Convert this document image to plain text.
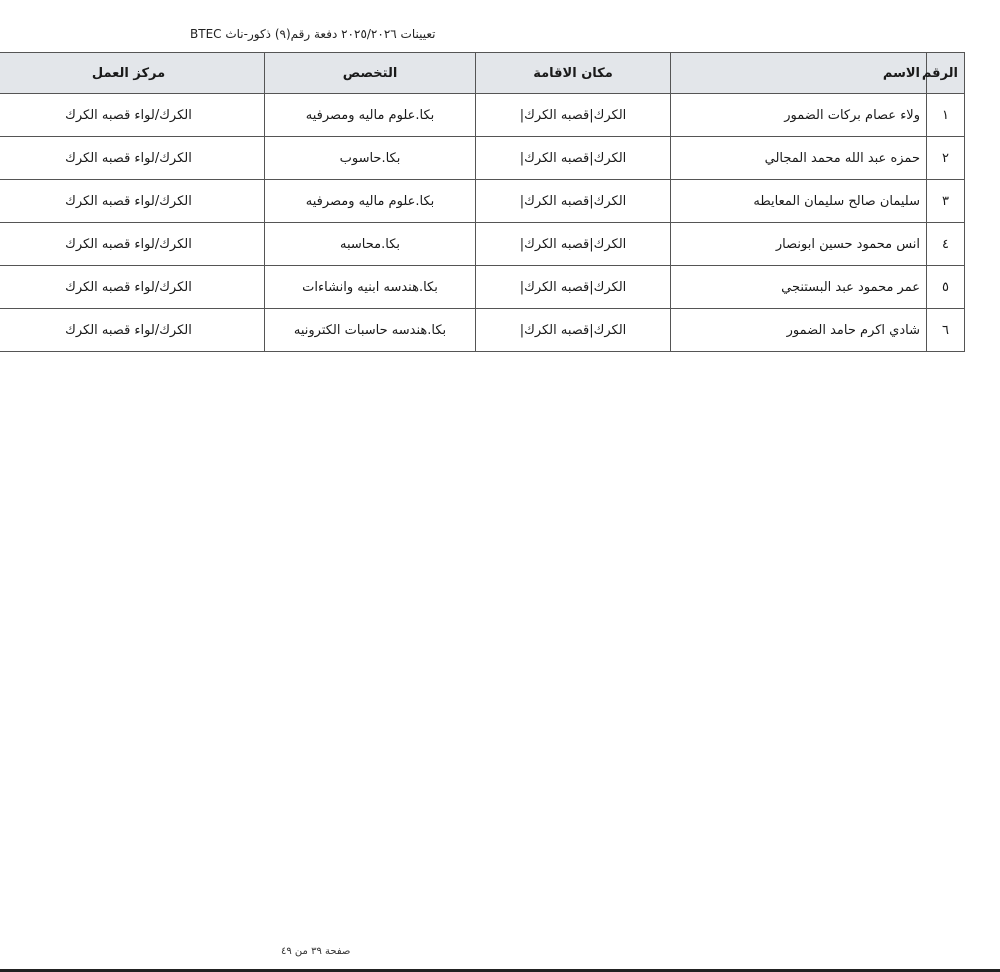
تعيينات ٢٠٢٥/٢٠٢٦ دفعة رقم(٩) ذكور-ناث BTEC
الرقم	الاسم	مكان الاقامة	التخصص	مركز العمل
١	ولاء عصام بركات الضمور	الكرك|قصبه الكرك|	بكا.علوم ماليه ومصرفيه	الكرك/لواء قصبه الكرك
٢	حمزه عبد الله محمد المجالي	الكرك|قصبه الكرك|	بكا.حاسوب	الكرك/لواء قصبه الكرك
٣	سليمان صالح سليمان المعايطه	الكرك|قصبه الكرك|	بكا.علوم ماليه ومصرفيه	الكرك/لواء قصبه الكرك
٤	انس محمود حسين ابونصار	الكرك|قصبه الكرك|	بكا.محاسبه	الكرك/لواء قصبه الكرك
٥	عمر محمود عبد البستنجي	الكرك|قصبه الكرك|	بكا.هندسه ابنيه وانشاءات	الكرك/لواء قصبه الكرك
٦	شادي اكرم حامد الضمور	الكرك|قصبه الكرك|	بكا.هندسه حاسبات الكترونيه	الكرك/لواء قصبه الكرك
صفحة ٣٩ من ٤٩
